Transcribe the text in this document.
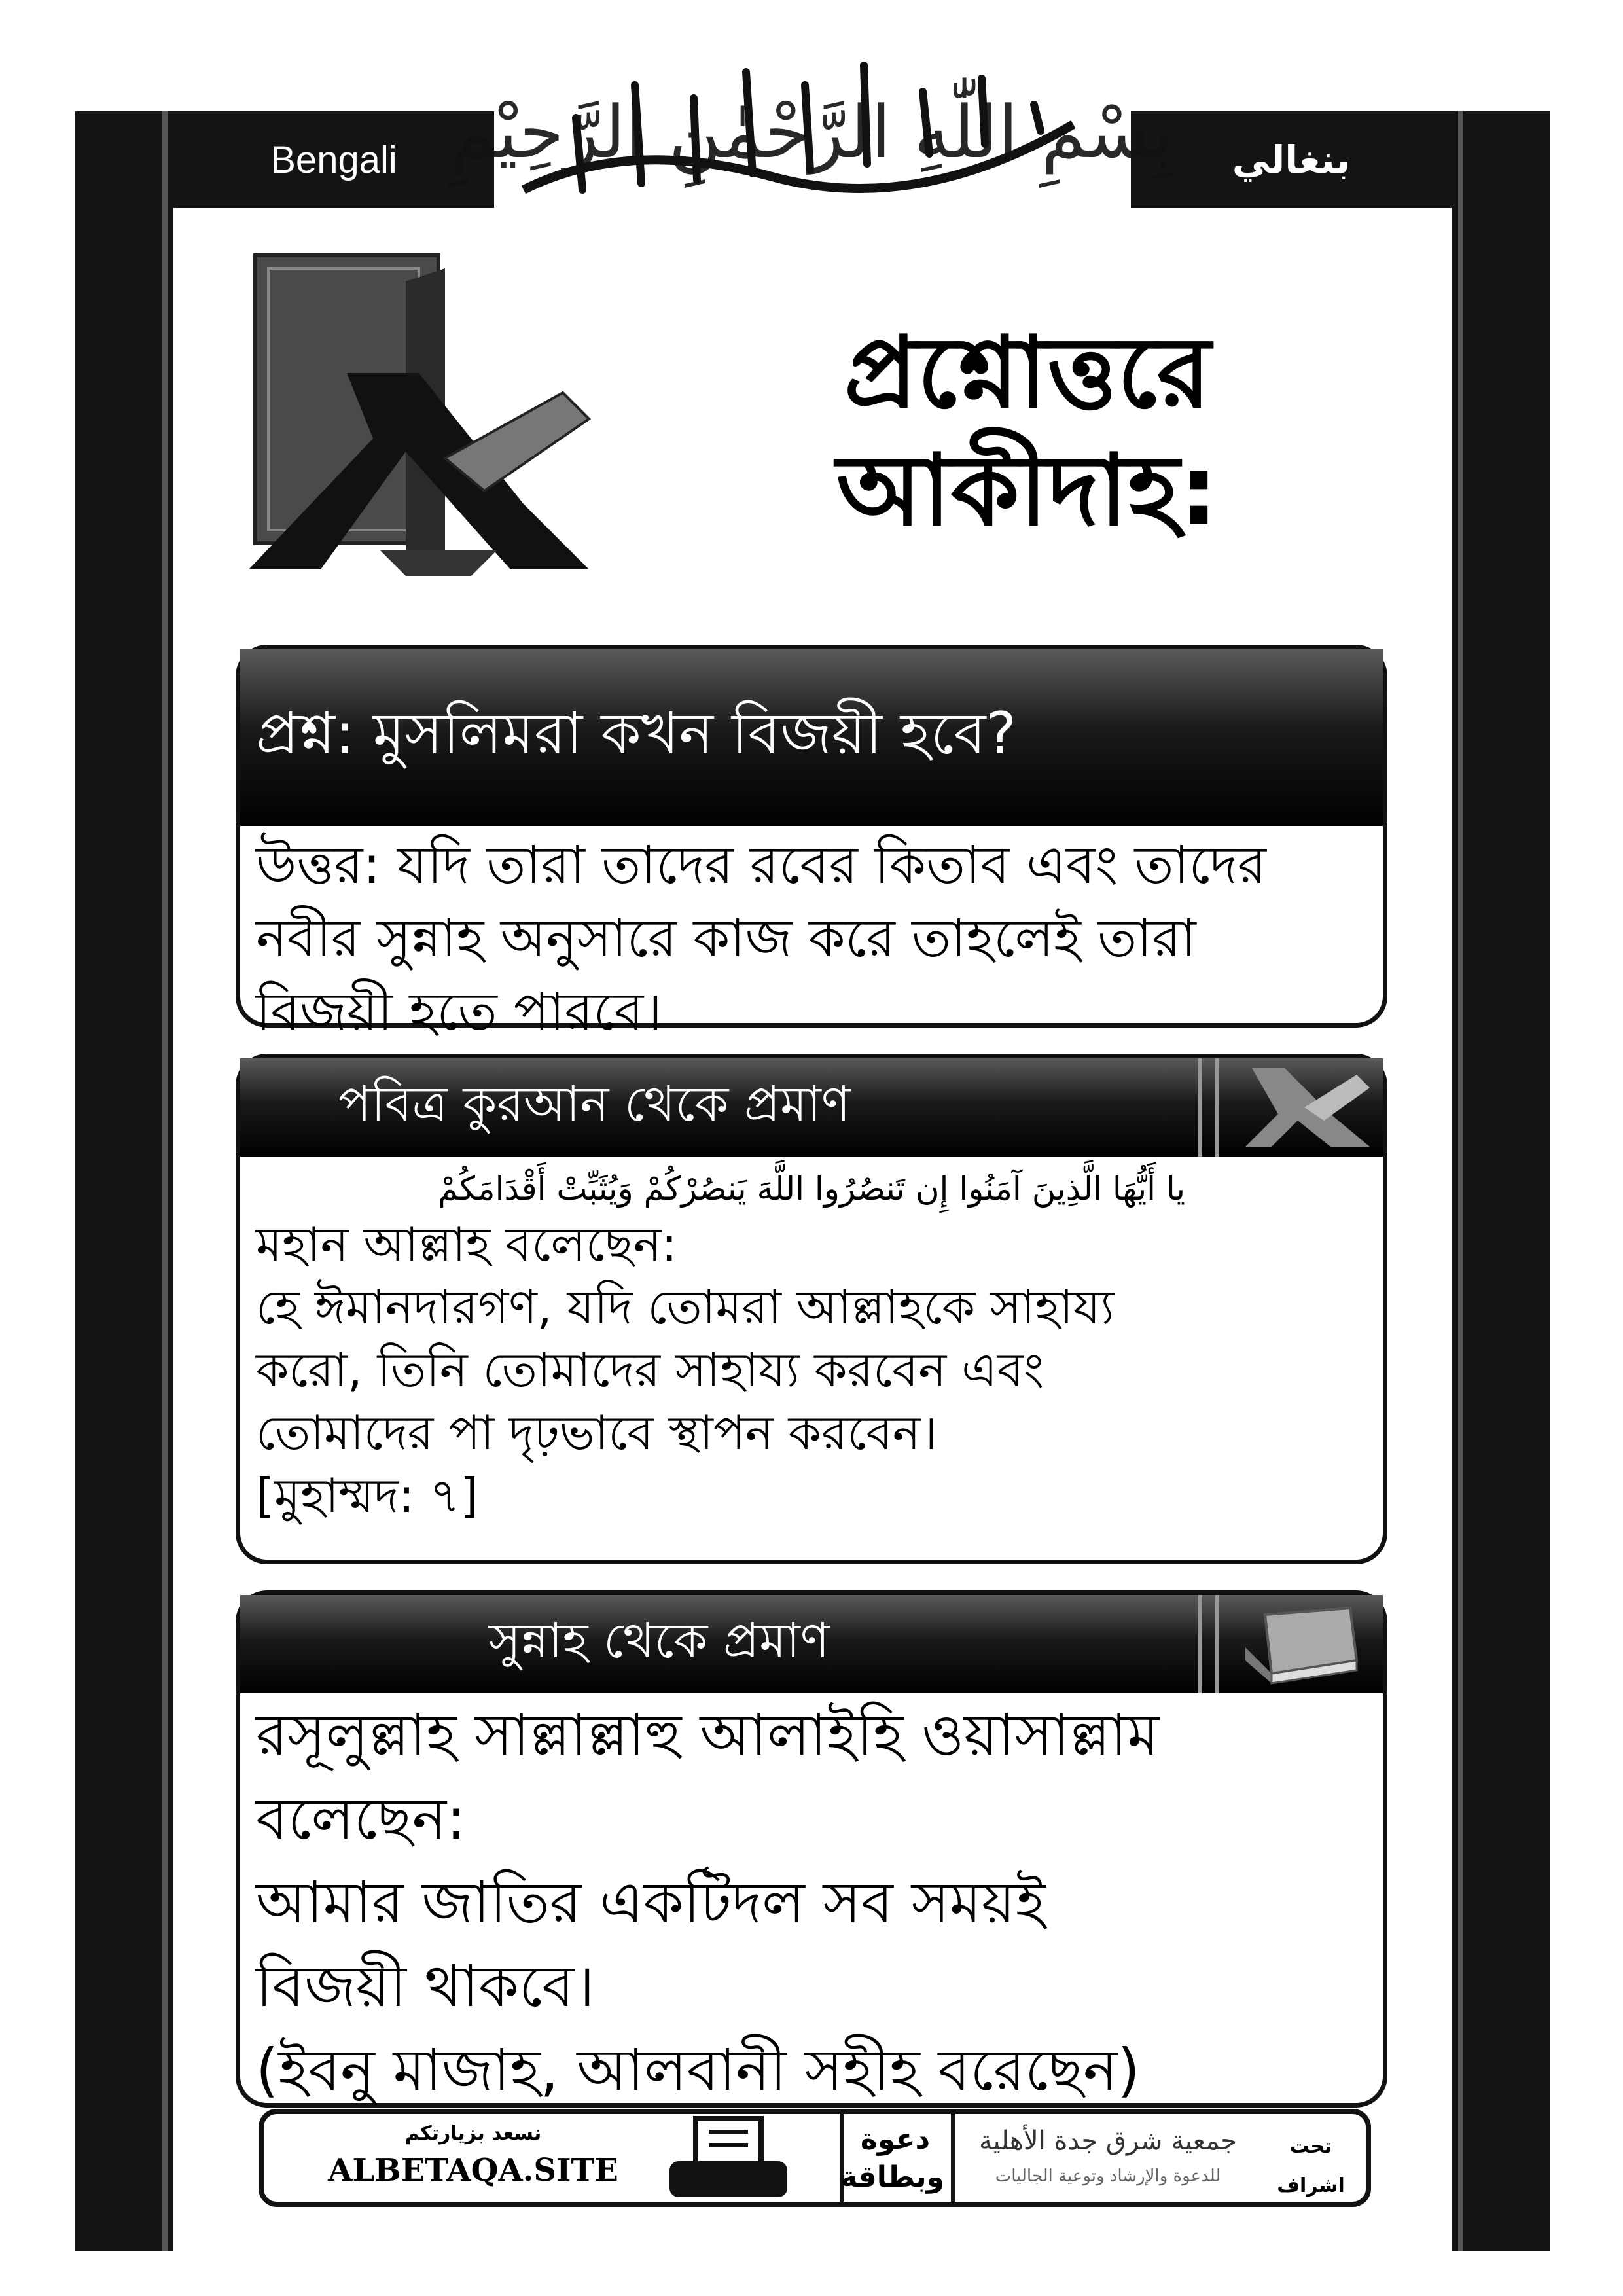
Bengali	بنغالي
بِسْمِ اللّٰهِ الرَّحْمٰنِ الرَّحِيْمِ
প্রশ্নোত্তরে
আকীদাহ:
প্রশ্ন: মুসলিমরা কখন বিজয়ী হবে?
উত্তর: যদি তারা তাদের রবের কিতাব এবং তাদের
নবীর সুন্নাহ অনুসারে কাজ করে তাহলেই তারা
বিজয়ী হতে পারবে।
পবিত্র কুরআন থেকে প্রমাণ
يا أَيُّهَا الَّذِينَ آمَنُوا إِن تَنصُرُوا اللَّهَ يَنصُرْكُمْ وَيُثَبِّتْ أَقْدَامَكُمْ
মহান আল্লাহ বলেছেন:
হে ঈমানদারগণ, যদি তোমরা আল্লাহকে সাহায্য
করো, তিনি তোমাদের সাহায্য করবেন এবং
তোমাদের পা দৃঢ়ভাবে স্থাপন করবেন।
[মুহাম্মদ: ৭]
সুন্নাহ থেকে প্রমাণ
রসূলুল্লাহ সাল্লাল্লাহু আলাইহি ওয়াসাল্লাম
বলেছেন:
আমার জাতির একটিদল সব সময়ই
বিজয়ী থাকবে।
(ইবনু মাজাহ, আলবানী সহীহ বরেছেন)
نسعد بزيارتكم
ALBETAQA.SITE
دعوة وبطاقة
جمعية شرق جدة الأهلية
للدعوة والإرشاد وتوعية الجاليات
تحت
اشراف
